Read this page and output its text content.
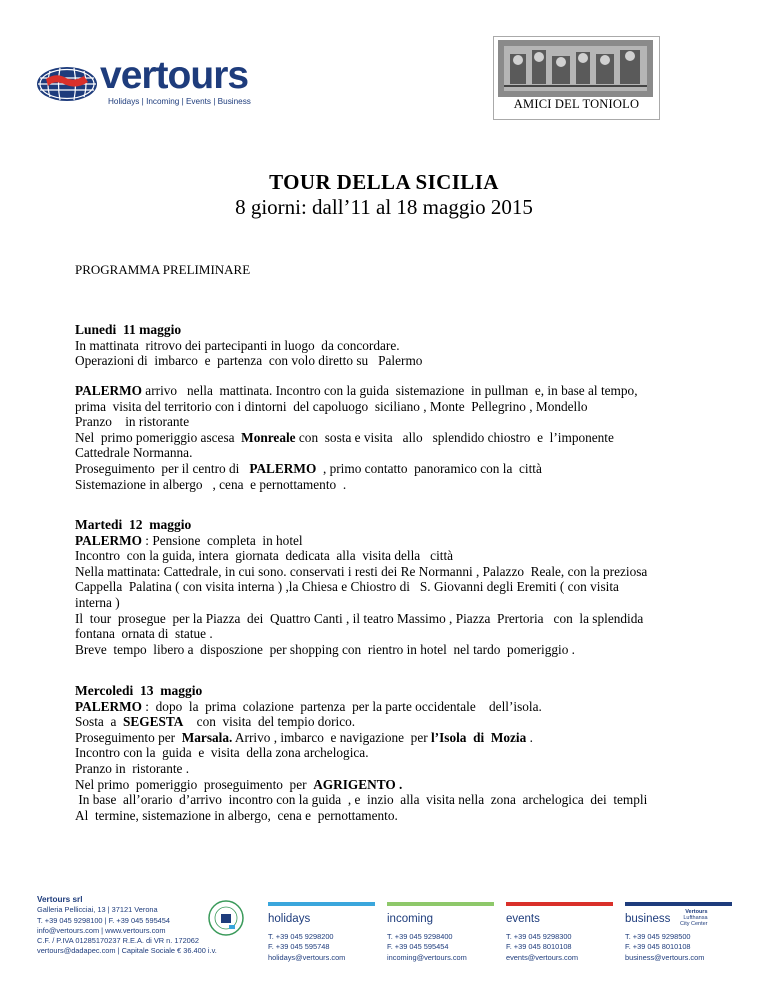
vertours
Holidays | Incoming | Events | Business	AMICI DEL TONIOLO
TOUR DELLA SICILIA
8 giorni: dall’11 al 18 maggio 2015
PROGRAMMA PRELIMINARE

Lunedi  11 maggio

In mattinata  ritrovo dei partecipanti in luogo  da concordare.

Operazioni di  imbarco  e  partenza  con volo diretto su   Palermo

PALERMO arrivo   nella  mattinata. Incontro con la guida  sistemazione  in pullman  e, in base al tempo,

prima  visita del territorio con i dintorni  del capoluogo  siciliano , Monte  Pellegrino , Mondello

Pranzo    in ristorante

Nel  primo pomeriggio ascesa  Monreale con  sosta e visita   allo   splendido chiostro  e  l’imponente

Cattedrale Normanna.

Proseguimento  per il centro di   PALERMO  , primo contatto  panoramico con la  città

Sistemazione in albergo   , cena  e pernottamento  .

Martedi  12  maggio

PALERMO : Pensione  completa  in hotel

Incontro  con la guida, intera  giornata  dedicata  alla  visita della   città

Nella mattinata: Cattedrale, in cui sono. conservati i resti dei Re Normanni , Palazzo  Reale, con la preziosa

Cappella  Palatina ( con visita interna ) ,la Chiesa e Chiostro di   S. Giovanni degli Eremiti ( con visita

interna )

Il  tour  prosegue  per la Piazza  dei  Quattro Canti , il teatro Massimo , Piazza  Prertoria   con  la splendida

fontana  ornata di  statue .

Breve  tempo  libero a  disposzione  per shopping con  rientro in hotel  nel tardo  pomeriggio .

Mercoledi  13  maggio

PALERMO :  dopo  la  prima  colazione  partenza  per la parte occidentale    dell’isola.

Sosta  a  SEGESTA    con  visita  del tempio dorico.

Proseguimento per  Marsala. Arrivo , imbarco  e navigazione  per l’Isola  di  Mozia .

Incontro con la  guida  e  visita  della zona archelogica.

Pranzo in  ristorante .

Nel primo  pomeriggio  proseguimento  per  AGRIGENTO .

In base  all’orario  d’arrivo  incontro con la guida  , e  inzio  alla  visita nella  zona  archelogica  dei  templi

Al  termine, sistemazione in albergo,  cena e  pernottamento.

Vertours srl
Galleria Pellicciai, 13 | 37121 Verona
T. +39 045 9298100 | F. +39 045 595454
info@vertours.com | www.vertours.com
C.F. / P.IVA 01285170237 R.E.A. di VR n. 172062
vertours@dadapec.com | Capitale Sociale € 36.400 i.v.
holidays
T. +39 045 9298200
F. +39 045 595748
holidays@vertours.com
incoming
T. +39 045 9298400
F. +39 045 595454
incoming@vertours.com
events
T. +39 045 9298300
F. +39 045 8010108
events@vertours.com
business
T. +39 045 9298500
F. +39 045 8010108
business@vertours.com
Vertours
Lufthansa
City Center
